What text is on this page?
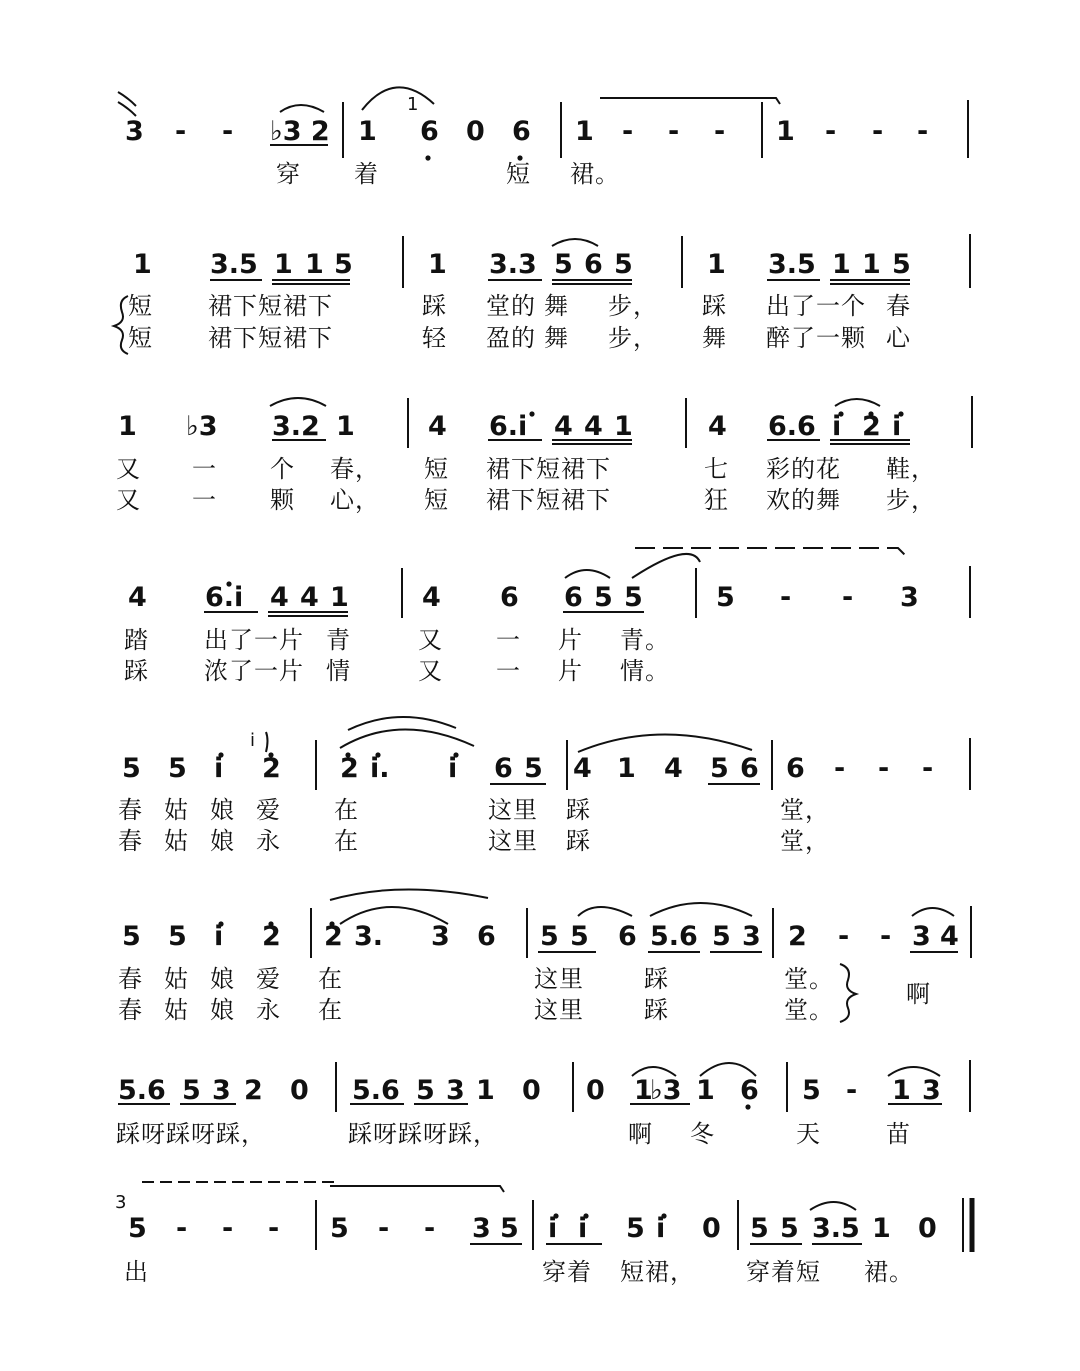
3 - - ♭3 2 1
1
6 0 6 1 - - - 1 - - -
穿 着	短 裙。
1 3.5 1 1 5	1 3.3 5 6 5	1 3.5 1 1 5
短 裙下短裙下	踩 堂的 舞 步， 踩 出了一个 春
短 裙下短裙下	轻 盈的 舞 步， 舞 醉了一颗 心
1 ♭3 3.2 1	4 6.i 4 4 1	4 6.6 i 2 i
又 一 个 春， 短 裙下短裙下	七 彩的花 鞋，
又 一 颗 心， 短 裙下短裙下	狂 欢的舞 步，
4 6.i 4 4 1	4 6 6 5 5	5 - - 3
踏 出了一片 青	又 一 片 青。
踩 浓了一片 情	又 一 片 情。
5 5 i
i
2 2 i. i 6 5 4 1 4 5 6 6 - - -
春 姑 娘 爱 在	这里 踩	堂，
春 姑 娘 永 在	这里 踩	堂，
5 5 i 2 2 3. 3 6 5 5 6 5.6 5 3 2 - - 3 4
春 姑 娘 爱 在	这里	踩	堂。
春 姑 娘 永 在	这里	踩	堂。
啊
5.6 5 3 2 0 5.6 5 3 1 0 0 1
♭3 1 6 5 - 1 3
踩呀踩呀踩，	踩呀踩呀踩，	啊 冬	天	苗
3
5 - - - 5 - - 3 5 i i 5 i 0 5 5 3.5 1 0
出	穿着 短裙， 穿着短 裙。
